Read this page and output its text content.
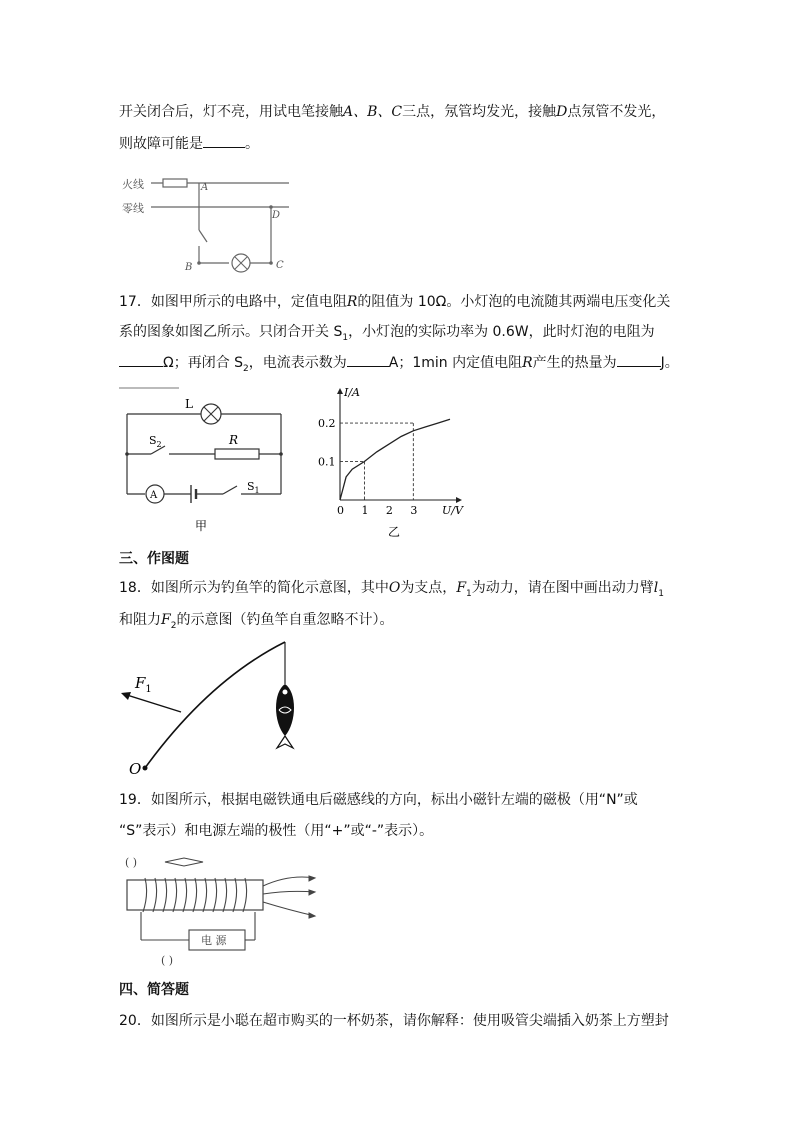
开关闭合后，灯不亮，用试电笔接触A、B、C三点，氖管均发光，接触D点氖管不发光，
则故障可能是	。
火线
零线
A
B	C
D
17．如图甲所示的电路中，定值电阻R的阻值为 10Ω。小灯泡的电流随其两端电压变化关
系的图象如图乙所示。只闭合开关 $S_1$，小灯泡的实际功率为 0.6W，此时灯泡的电阻为
Ω；再闭合 $S_2$，电流表示数为	A；1min 内定值电阻R产生的热量为	J。
L
$S_2$	R
A
$S_1$
甲
I/A
U/V
0 1 2 3
0.1
0.2
乙
三、作图题
18．如图所示为钓鱼竿的简化示意图，其中O为支点，$F_1$为动力，请在图中画出动力臂$l_1$
和阻力$F_2$的示意图（钓鱼竿自重忽略不计）。
$F_1$
O
19．如图所示，根据电磁铁通电后磁感线的方向，标出小磁针左端的磁极（用“N”或
“S”表示）和电源左端的极性（用“+”或“-”表示）。
( )
电 源
( )
四、简答题
20．如图所示是小聪在超市购买的一杯奶茶，请你解释：使用吸管尖端插入奶茶上方塑封
